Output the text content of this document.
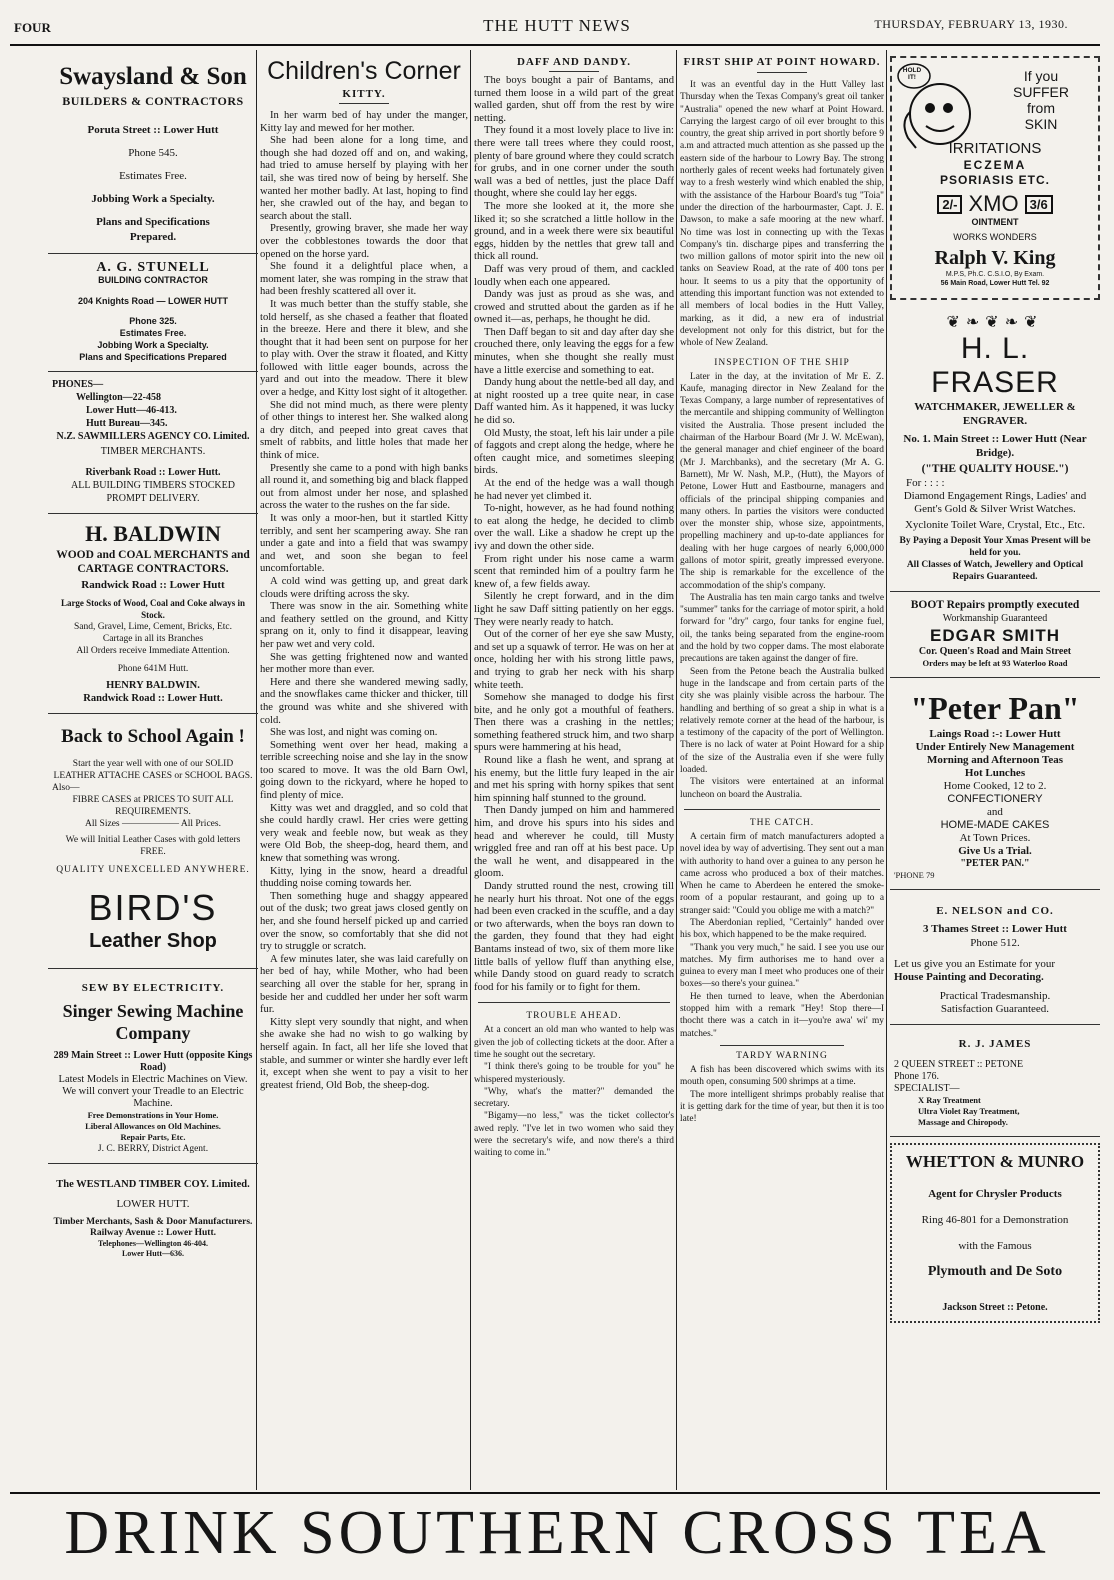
FOUR	THE HUTT NEWS	THURSDAY, FEBRUARY 13, 1930.

Swaysland & Son

BUILDERS & CONTRACTORS

Poruta Street :: Lower Hutt

Phone 545.

Estimates Free.

Jobbing Work a Specialty.

Plans and Specifications Prepared.

A. G. STUNELL

BUILDING CONTRACTOR

204 Knights Road — LOWER HUTT

Phone 325.

Estimates Free.

Jobbing Work a Specialty.

Plans and Specifications Prepared

PHONES—

Wellington—22-458

Lower Hutt—46-413.

Hutt Bureau—345.

N.Z. SAWMILLERS AGENCY CO. Limited.

TIMBER MERCHANTS.

Riverbank Road :: Lower Hutt.

ALL BUILDING TIMBERS STOCKED PROMPT DELIVERY.

H. BALDWIN

WOOD and COAL MERCHANTS and CARTAGE CONTRACTORS.

Randwick Road :: Lower Hutt

Large Stocks of Wood, Coal and Coke always in Stock.

Sand, Gravel, Lime, Cement, Bricks, Etc.

Cartage in all its Branches

All Orders receive Immediate Attention.

Phone 641M Hutt.

HENRY BALDWIN.

Randwick Road :: Lower Hutt.

Back to School Again !

Start the year well with one of our SOLID LEATHER ATTACHE CASES or SCHOOL BAGS.

Also—

FIBRE CASES at PRICES TO SUIT ALL REQUIREMENTS.

All Sizes —————— All Prices.

We will Initial Leather Cases with gold letters FREE.

QUALITY UNEXCELLED ANYWHERE.

BIRD'S

Leather Shop

SEW BY ELECTRICITY.

Singer Sewing Machine Company

289 Main Street :: Lower Hutt (opposite Kings Road)

Latest Models in Electric Machines on View.

We will convert your Treadle to an Electric Machine.

Free Demonstrations in Your Home.

Liberal Allowances on Old Machines.

Repair Parts, Etc.

J. C. BERRY, District Agent.

The WESTLAND TIMBER COY. Limited.

LOWER HUTT.

Timber Merchants, Sash & Door Manufacturers.

Railway Avenue :: Lower Hutt.

Telephones—Wellington 46-404.

Lower Hutt—636.

Children's Corner

KITTY.

In her warm bed of hay under the manger, Kitty lay and mewed for her mother.

She had been alone for a long time, and though she had dozed off and on, and waking, had tried to amuse herself by playing with her tail, she was tired now of being by herself. She wanted her mother badly. At last, hoping to find her, she crawled out of the hay, and began to search about the stall.

Presently, growing braver, she made her way over the cobblestones towards the door that opened on the horse yard.

She found it a delightful place when, a moment later, she was romping in the straw that had been freshly scattered all over it.

It was much better than the stuffy stable, she told herself, as she chased a feather that floated in the breeze. Here and there it blew, and she thought that it had been sent on purpose for her to play with. Over the straw it floated, and Kitty followed with little eager bounds, across the yard and out into the meadow. There it blew over a hedge, and Kitty lost sight of it altogether.

She did not mind much, as there were plenty of other things to interest her. She walked along a dry ditch, and peeped into great caves that smelt of rabbits, and little holes that made her think of mice.

Presently she came to a pond with high banks all round it, and something big and black flapped out from almost under her nose, and splashed across the water to the rushes on the far side.

It was only a moor-hen, but it startled Kitty terribly, and sent her scampering away. She ran under a gate and into a field that was swampy and wet, and soon she began to feel uncomfortable.

A cold wind was getting up, and great dark clouds were drifting across the sky.

There was snow in the air. Something white and feathery settled on the ground, and Kitty sprang on it, only to find it disappear, leaving her paw wet and very cold.

She was getting frightened now and wanted her mother more than ever.

Here and there she wandered mewing sadly, and the snowflakes came thicker and thicker, till the ground was white and she shivered with cold.

She was lost, and night was coming on.

Something went over her head, making a terrible screeching noise and she lay in the snow too scared to move. It was the old Barn Owl, going down to the rickyard, where he hoped to find plenty of mice.

Kitty was wet and draggled, and so cold that she could hardly crawl. Her cries were getting very weak and feeble now, but weak as they were Old Bob, the sheep-dog, heard them, and knew that something was wrong.

Kitty, lying in the snow, heard a dreadful thudding noise coming towards her.

Then something huge and shaggy appeared out of the dusk; two great jaws closed gently on her, and she found herself picked up and carried over the snow, so comfortably that she did not try to struggle or scratch.

A few minutes later, she was laid carefully on her bed of hay, while Mother, who had been searching all over the stable for her, sprang in beside her and cuddled her under her soft warm fur.

Kitty slept very soundly that night, and when she awake she had no wish to go walking by herself again. In fact, all her life she loved that stable, and summer or winter she hardly ever left it, except when she went to pay a visit to her greatest friend, Old Bob, the sheep-dog.

DAFF AND DANDY.

The boys bought a pair of Bantams, and turned them loose in a wild part of the great walled garden, shut off from the rest by wire netting.

They found it a most lovely place to live in: there were tall trees where they could roost, plenty of bare ground where they could scratch for grubs, and in one corner under the south wall was a bed of nettles, just the place Daff thought, where she could lay her eggs.

The more she looked at it, the more she liked it; so she scratched a little hollow in the ground, and in a week there were six beautiful eggs, hidden by the nettles that grew tall and thick all round.

Daff was very proud of them, and cackled loudly when each one appeared.

Dandy was just as proud as she was, and crowed and strutted about the garden as if he owned it—as, perhaps, he thought he did.

Then Daff began to sit and day after day she crouched there, only leaving the eggs for a few minutes, when she thought she really must have a little exercise and something to eat.

Dandy hung about the nettle-bed all day, and at night roosted up a tree quite near, in case Daff wanted him. As it happened, it was lucky he did so.

Old Musty, the stoat, left his lair under a pile of faggots and crept along the hedge, where he often caught mice, and sometimes sleeping birds.

At the end of the hedge was a wall though he had never yet climbed it.

To-night, however, as he had found nothing to eat along the hedge, he decided to climb over the wall. Like a shadow he crept up the ivy and down the other side.

From right under his nose came a warm scent that reminded him of a poultry farm he knew of, a few fields away.

Silently he crept forward, and in the dim light he saw Daff sitting patiently on her eggs. They were nearly ready to hatch.

Out of the corner of her eye she saw Musty, and set up a squawk of terror. He was on her at once, holding her with his strong little paws, and trying to grab her neck with his sharp white teeth.

Somehow she managed to dodge his first bite, and he only got a mouthful of feathers. Then there was a crashing in the nettles; something feathered struck him, and two sharp spurs were hammering at his head,

Round like a flash he went, and sprang at his enemy, but the little fury leaped in the air and met his spring with horny spikes that sent him spinning half stunned to the ground.

Then Dandy jumped on him and hammered him, and drove his spurs into his sides and head and wherever he could, till Musty wriggled free and ran off at his best pace. Up the wall he went, and disappeared in the gloom.

Dandy strutted round the nest, crowing till he nearly hurt his throat. Not one of the eggs had been even cracked in the scuffle, and a day or two afterwards, when the boys ran down to the garden, they found that they had eight Bantams instead of two, six of them more like little balls of yellow fluff than anything else, while Dandy stood on guard ready to scratch food for his family or to fight for them.

TROUBLE AHEAD.

At a concert an old man who wanted to help was given the job of collecting tickets at the door. After a time he sought out the secretary.

"I think there's going to be trouble for you" he whispered mysteriously.

"Why, what's the matter?" demanded the secretary.

"Bigamy—no less," was the ticket collector's awed reply. "I've let in two women who said they were the secretary's wife, and now there's a third waiting to come in."

FIRST SHIP AT POINT HOWARD.

It was an eventful day in the Hutt Valley last Thursday when the Texas Company's great oil tanker "Australia" opened the new wharf at Point Howard. Carrying the largest cargo of oil ever brought to this country, the great ship arrived in port shortly before 9 a.m and attracted much attention as she passed up the eastern side of the harbour to Lowry Bay. The strong northerly gales of recent weeks had fortunately given way to a fresh westerly wind which enabled the ship, with the assistance of the Harbour Board's tug "Toia" under the direction of the harbourmaster, Capt. J. E. Dawson, to make a safe mooring at the new wharf. No time was lost in connecting up with the Texas Company's tin. discharge pipes and transferring the two million gallons of motor spirit into the new oil tanks on Seaview Road, at the rate of 400 tons per hour. It seems to us a pity that the opportunity of attending this important function was not extended to all members of local bodies in the Hutt Valley, marking, as it did, a new era of industrial development not only for this district, but for the whole of New Zealand.

INSPECTION OF THE SHIP

Later in the day, at the invitation of Mr E. Z. Kaufe, managing director in New Zealand for the Texas Company, a large number of representatives of the mercantile and shipping community of Wellington visited the Australia. Those present included the chairman of the Harbour Board (Mr J. W. McEwan), the general manager and chief engineer of the board (Mr J. Marchbanks), and the secretary (Mr A. G. Barnett), Mr W. Nash, M.P., (Hutt), the Mayors of Petone, Lower Hutt and Eastbourne, managers and officials of the principal shipping companies and many others. In parties the visitors were conducted over the monster ship, whose size, appointments, propelling machinery and up-to-date appliances for dealing with her huge cargoes of nearly 6,000,000 gallons of motor spirit, greatly impressed everyone. The ship is remarkable for the excellence of the accommodation of the ship's company.

The Australia has ten main cargo tanks and twelve "summer" tanks for the carriage of motor spirit, a hold forward for "dry" cargo, four tanks for engine fuel, oil, the tanks being separated from the engine-room and the hold by two copper dams. The most elaborate precautions are taken against the danger of fire.

Seen from the Petone beach the Australia bulked huge in the landscape and from certain parts of the city she was plainly visible across the harbour. The handling and berthing of so great a ship in what is a relatively remote corner at the head of the harbour, is a testimony of the capacity of the port of Wellington. There is no lack of water at Point Howard for a ship of the size of the Australia even if she were fully loaded.

The visitors were entertained at an informal luncheon on board the Australia.

THE CATCH.

A certain firm of match manufacturers adopted a novel idea by way of advertising. They sent out a man with authority to hand over a guinea to any person he came across who produced a box of their matches. When he came to Aberdeen he entered the smoke-room of a popular restaurant, and going up to a stranger said: "Could you oblige me with a match?"

The Aberdonian replied, "Certainly" handed over his box, which happened to be the make required.

"Thank you very much," he said. I see you use our matches. My firm authorises me to hand over a guinea to every man I meet who produces one of their boxes—so there's your guinea."

He then turned to leave, when the Aberdonian stopped him with a remark "Hey! Stop there—I thocht there was a catch in it—you're awa' wi' my matches."

TARDY WARNING

A fish has been discovered which swims with its mouth open, consuming 500 shrimps at a time.

The more intelligent shrimps probably realise that it is getting dark for the time of year, but then it is too late!

HOLD IT!	If you

SUFFER

from

SKIN

IRRITATIONS

ECZEMA

PSORIASIS ETC.

2/- XMO 3/6

OINTMENT

WORKS WONDERS

Ralph V. King

M.P.S, Ph.C. C.S.I.O, By Exam.

56 Main Road, Lower Hutt Tel. 92

❦❧❦❧❦

H. L. FRASER

WATCHMAKER, JEWELLER & ENGRAVER.

No. 1. Main Street :: Lower Hutt (Near Bridge).

("THE QUALITY HOUSE.")

For : : : :

Diamond Engagement Rings, Ladies' and Gent's Gold & Silver Wrist Watches.

Xyclonite Toilet Ware, Crystal, Etc., Etc.

By Paying a Deposit Your Xmas Present will be held for you.

All Classes of Watch, Jewellery and Optical Repairs Guaranteed.

BOOT Repairs promptly executed

Workmanship Guaranteed

EDGAR SMITH

Cor. Queen's Road and Main Street

Orders may be left at 93 Waterloo Road

"Peter Pan"

Laings Road :-: Lower Hutt

Under Entirely New Management

Morning and Afternoon Teas

Hot Lunches

Home Cooked, 12 to 2.

CONFECTIONERY

and

HOME-MADE CAKES

At Town Prices.

Give Us a Trial.

"PETER PAN."

'PHONE 79

E. NELSON and CO.

3 Thames Street :: Lower Hutt

Phone 512.

Let us give you an Estimate for your

House Painting and Decorating.

Practical Tradesmanship.

Satisfaction Guaranteed.

R. J. JAMES

2 QUEEN STREET :: PETONE

Phone 176.

SPECIALIST—

X Ray Treatment

Ultra Violet Ray Treatment,

Massage and Chiropody.

WHETTON & MUNRO

Agent for Chrysler Products

Ring 46-801 for a Demonstration

with the Famous

Plymouth and De Soto

Jackson Street :: Petone.

DRINK SOUTHERN CROSS TEA
